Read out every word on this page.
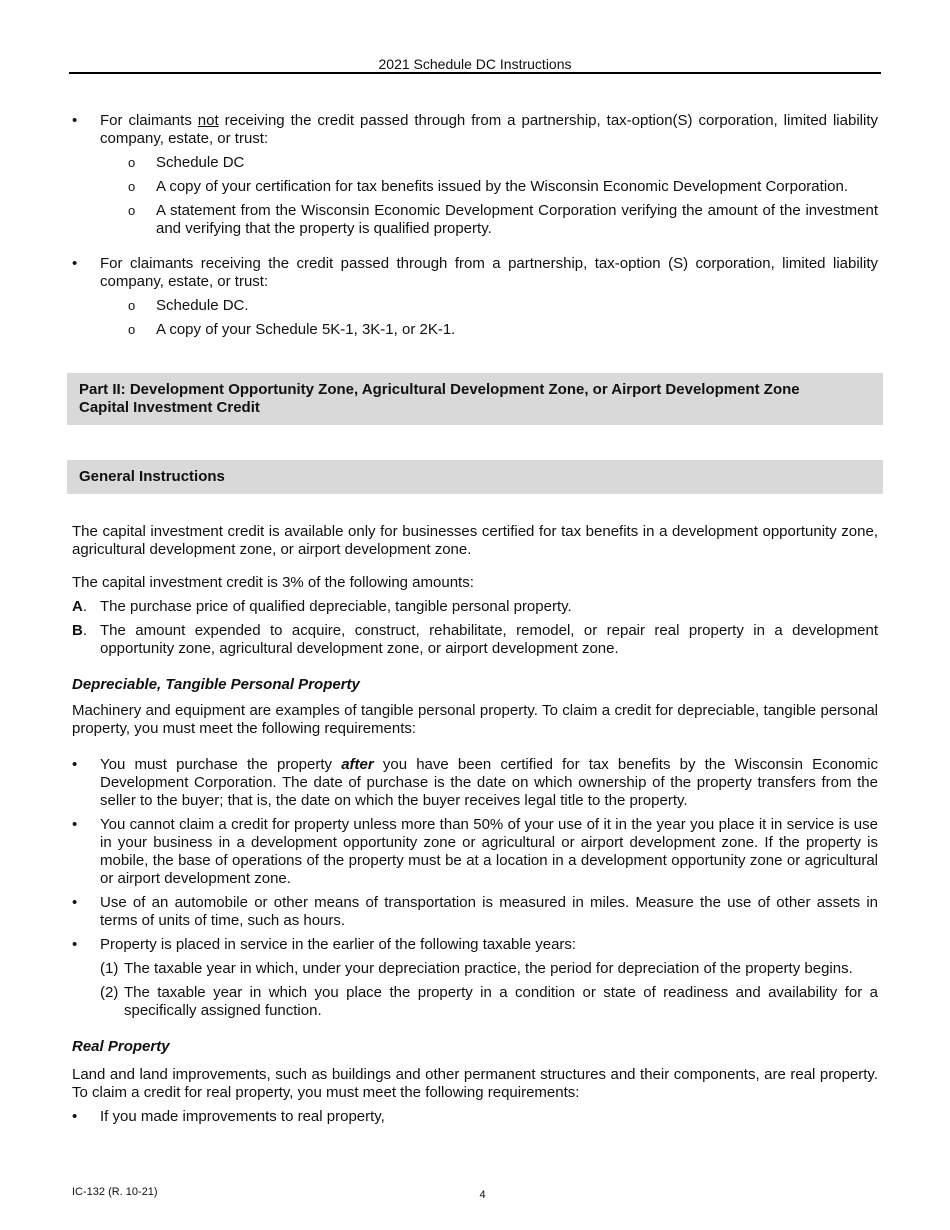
2021 Schedule DC Instructions
• For claimants not receiving the credit passed through from a partnership, tax-option(S) corporation, limited liability company, estate, or trust:
o Schedule DC
o A copy of your certification for tax benefits issued by the Wisconsin Economic Development Corporation.
o A statement from the Wisconsin Economic Development Corporation verifying the amount of the investment and verifying that the property is qualified property.
• For claimants receiving the credit passed through from a partnership, tax-option (S) corporation, limited liability company, estate, or trust:
o Schedule DC.
o A copy of your Schedule 5K-1, 3K-1, or 2K-1.
Part II: Development Opportunity Zone, Agricultural Development Zone, or Airport Development Zone
Capital Investment Credit
General Instructions

The capital investment credit is available only for businesses certified for tax benefits in a development opportunity zone, agricultural development zone, or airport development zone.

The capital investment credit is 3% of the following amounts:

A. The purchase price of qualified depreciable, tangible personal property.
B. The amount expended to acquire, construct, rehabilitate, remodel, or repair real property in a development opportunity zone, agricultural development zone, or airport development zone.

Depreciable, Tangible Personal Property

Machinery and equipment are examples of tangible personal property. To claim a credit for depreciable, tangible personal property, you must meet the following requirements:

• You must purchase the property after you have been certified for tax benefits by the Wisconsin Economic Development Corporation. The date of purchase is the date on which ownership of the property transfers from the seller to the buyer; that is, the date on which the buyer receives legal title to the property.
• You cannot claim a credit for property unless more than 50% of your use of it in the year you place it in service is use in your business in a development opportunity zone or agricultural or airport development zone. If the property is mobile, the base of operations of the property must be at a location in a development opportunity zone or agricultural or airport development zone.
• Use of an automobile or other means of transportation is measured in miles. Measure the use of other assets in terms of units of time, such as hours.
• Property is placed in service in the earlier of the following taxable years:
(1) The taxable year in which, under your depreciation practice, the period for depreciation of the property begins.
(2) The taxable year in which you place the property in a condition or state of readiness and availability for a specifically assigned function.

Real Property

Land and land improvements, such as buildings and other permanent structures and their components, are real property. To claim a credit for real property, you must meet the following requirements:

• If you made improvements to real property,
IC-132 (R. 10-21)	4
